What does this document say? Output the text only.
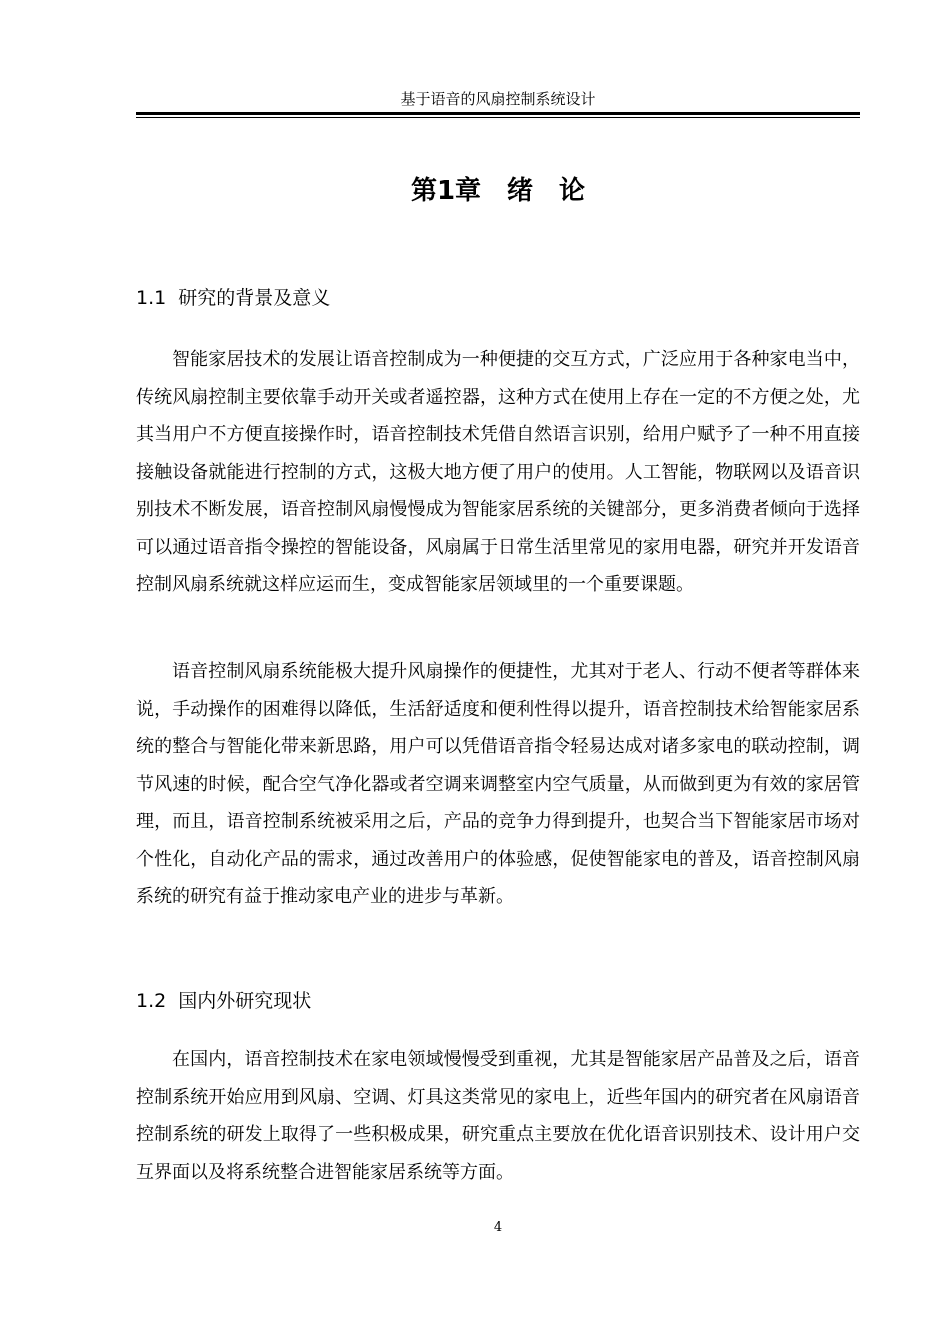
基于语音的风扇控制系统设计
第1章　绪　论
1.1 研究的背景及意义

智能家居技术的发展让语音控制成为一种便捷的交互方式，广泛应用于各种家电当中，传统风扇控制主要依靠手动开关或者遥控器，这种方式在使用上存在一定的不方便之处，尤其当用户不方便直接操作时，语音控制技术凭借自然语言识别，给用户赋予了一种不用直接接触设备就能进行控制的方式，这极大地方便了用户的使用。人工智能，物联网以及语音识别技术不断发展，语音控制风扇慢慢成为智能家居系统的关键部分，更多消费者倾向于选择可以通过语音指令操控的智能设备，风扇属于日常生活里常见的家用电器，研究并开发语音控制风扇系统就这样应运而生，变成智能家居领域里的一个重要课题。

语音控制风扇系统能极大提升风扇操作的便捷性，尤其对于老人、行动不便者等群体来说，手动操作的困难得以降低，生活舒适度和便利性得以提升，语音控制技术给智能家居系统的整合与智能化带来新思路，用户可以凭借语音指令轻易达成对诸多家电的联动控制，调节风速的时候，配合空气净化器或者空调来调整室内空气质量，从而做到更为有效的家居管理，而且，语音控制系统被采用之后，产品的竞争力得到提升，也契合当下智能家居市场对个性化，自动化产品的需求，通过改善用户的体验感，促使智能家电的普及，语音控制风扇系统的研究有益于推动家电产业的进步与革新。

1.2 国内外研究现状

在国内，语音控制技术在家电领域慢慢受到重视，尤其是智能家居产品普及之后，语音控制系统开始应用到风扇、空调、灯具这类常见的家电上，近些年国内的研究者在风扇语音控制系统的研发上取得了一些积极成果，研究重点主要放在优化语音识别技术、设计用户交互界面以及将系统整合进智能家居系统等方面。

4
